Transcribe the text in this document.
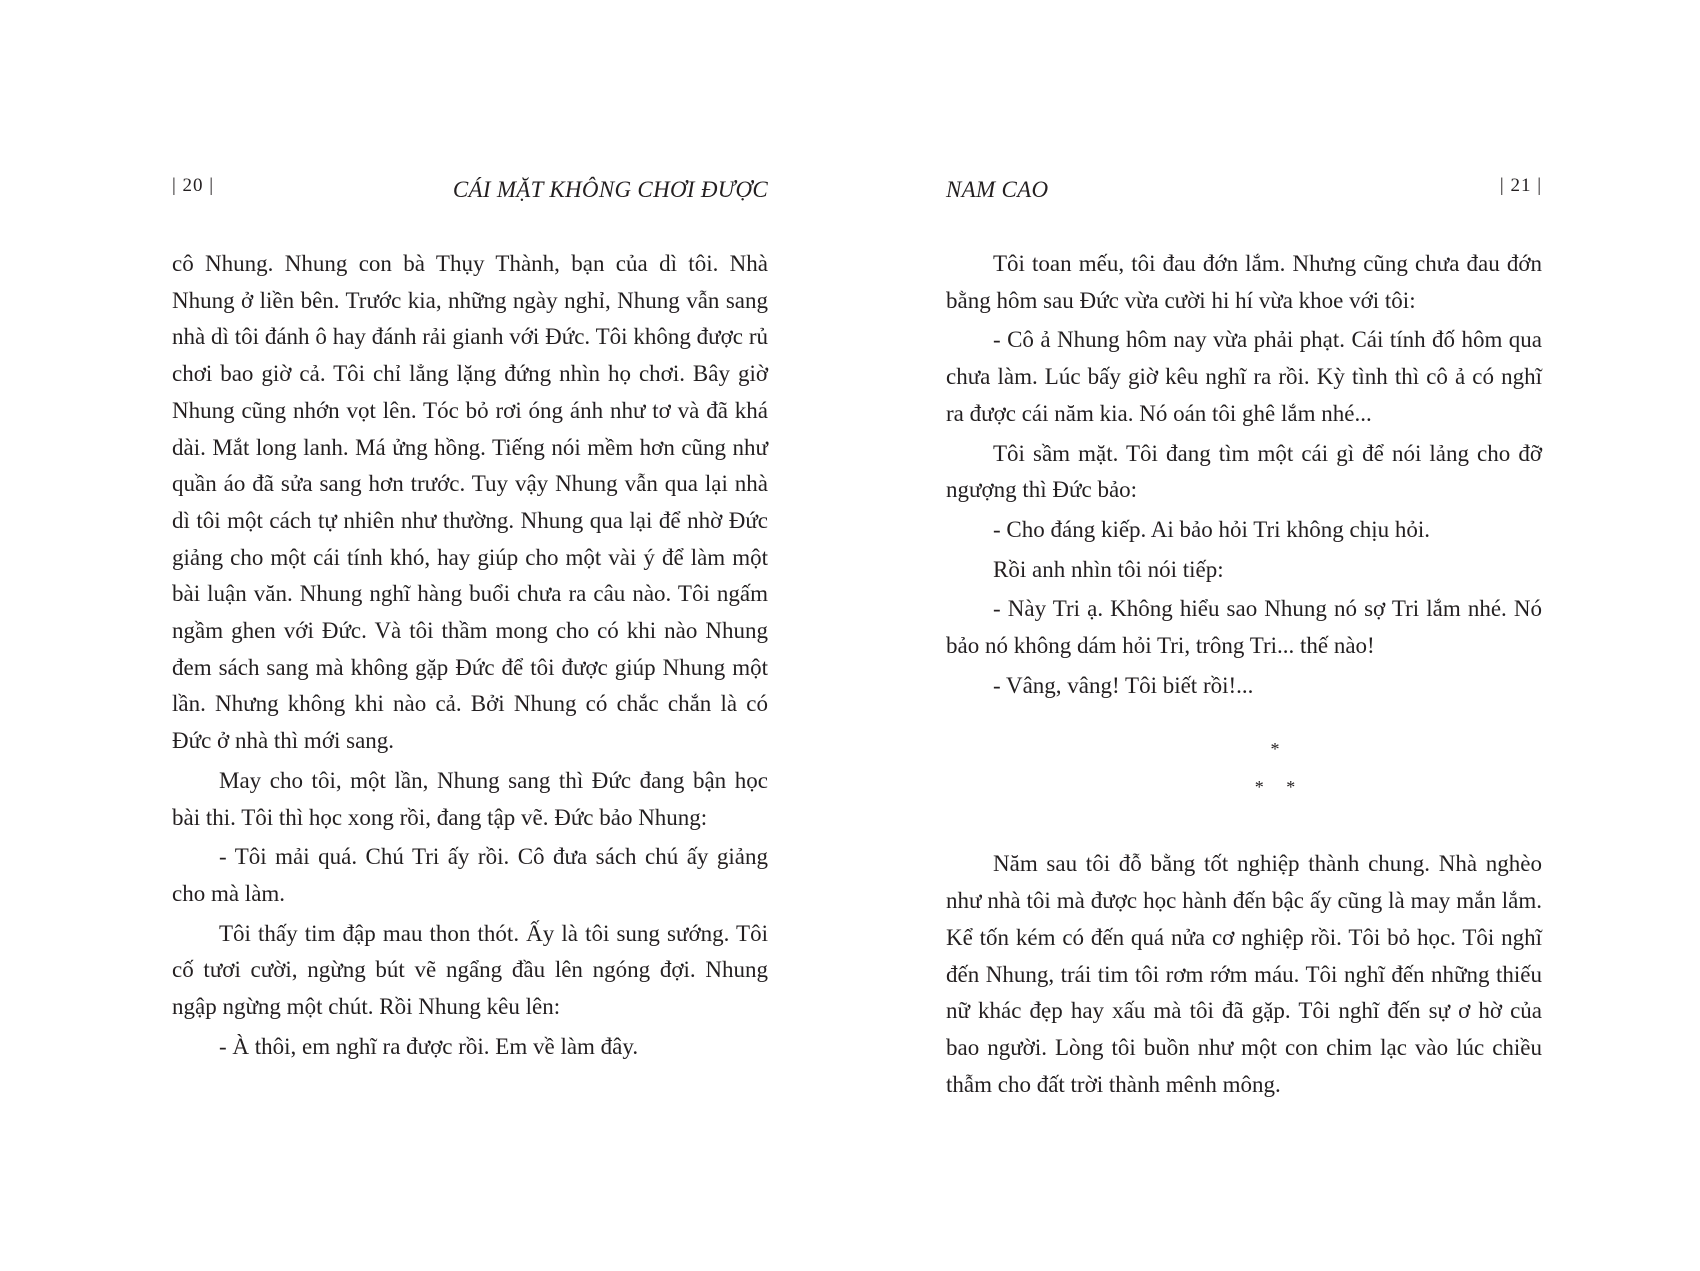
| 20 |	CÁI MẶT KHÔNG CHƠI ĐƯỢC

cô Nhung. Nhung con bà Thụy Thành, bạn của dì tôi. Nhà Nhung ở liền bên. Trước kia, những ngày nghỉ, Nhung vẫn sang nhà dì tôi đánh ô hay đánh rải gianh với Đức. Tôi không được rủ chơi bao giờ cả. Tôi chỉ lẳng lặng đứng nhìn họ chơi. Bây giờ Nhung cũng nhớn vọt lên. Tóc bỏ rơi óng ánh như tơ và đã khá dài. Mắt long lanh. Má ửng hồng. Tiếng nói mềm hơn cũng như quần áo đã sửa sang hơn trước. Tuy vậy Nhung vẫn qua lại nhà dì tôi một cách tự nhiên như thường. Nhung qua lại để nhờ Đức giảng cho một cái tính khó, hay giúp cho một vài ý để làm một bài luận văn. Nhung nghĩ hàng buổi chưa ra câu nào. Tôi ngấm ngầm ghen với Đức. Và tôi thầm mong cho có khi nào Nhung đem sách sang mà không gặp Đức để tôi được giúp Nhung một lần. Nhưng không khi nào cả. Bởi Nhung có chắc chắn là có Đức ở nhà thì mới sang.

May cho tôi, một lần, Nhung sang thì Đức đang bận học bài thi. Tôi thì học xong rồi, đang tập vẽ. Đức bảo Nhung:

- Tôi mải quá. Chú Tri ấy rồi. Cô đưa sách chú ấy giảng cho mà làm.

Tôi thấy tim đập mau thon thót. Ấy là tôi sung sướng. Tôi cố tươi cười, ngừng bút vẽ ngẩng đầu lên ngóng đợi. Nhung ngập ngừng một chút. Rồi Nhung kêu lên:

- À thôi, em nghĩ ra được rồi. Em về làm đây.

NAM CAO	| 21 |

Tôi toan mếu, tôi đau đớn lắm. Nhưng cũng chưa đau đớn bằng hôm sau Đức vừa cười hi hí vừa khoe với tôi:

- Cô ả Nhung hôm nay vừa phải phạt. Cái tính đố hôm qua chưa làm. Lúc bấy giờ kêu nghĩ ra rồi. Kỳ tình thì cô ả có nghĩ ra được cái năm kia. Nó oán tôi ghê lắm nhé...

Tôi sầm mặt. Tôi đang tìm một cái gì để nói lảng cho đỡ ngượng thì Đức bảo:

- Cho đáng kiếp. Ai bảo hỏi Tri không chịu hỏi.

Rồi anh nhìn tôi nói tiếp:

- Này Tri ạ. Không hiểu sao Nhung nó sợ Tri lắm nhé. Nó bảo nó không dám hỏi Tri, trông Tri... thế nào!

- Vâng, vâng! Tôi biết rồi!...

*
* *

Năm sau tôi đỗ bằng tốt nghiệp thành chung. Nhà nghèo như nhà tôi mà được học hành đến bậc ấy cũng là may mắn lắm. Kể tốn kém có đến quá nửa cơ nghiệp rồi. Tôi bỏ học. Tôi nghĩ đến Nhung, trái tim tôi rơm rớm máu. Tôi nghĩ đến những thiếu nữ khác đẹp hay xấu mà tôi đã gặp. Tôi nghĩ đến sự ơ hờ của bao người. Lòng tôi buồn như một con chim lạc vào lúc chiều thẫm cho đất trời thành mênh mông.
